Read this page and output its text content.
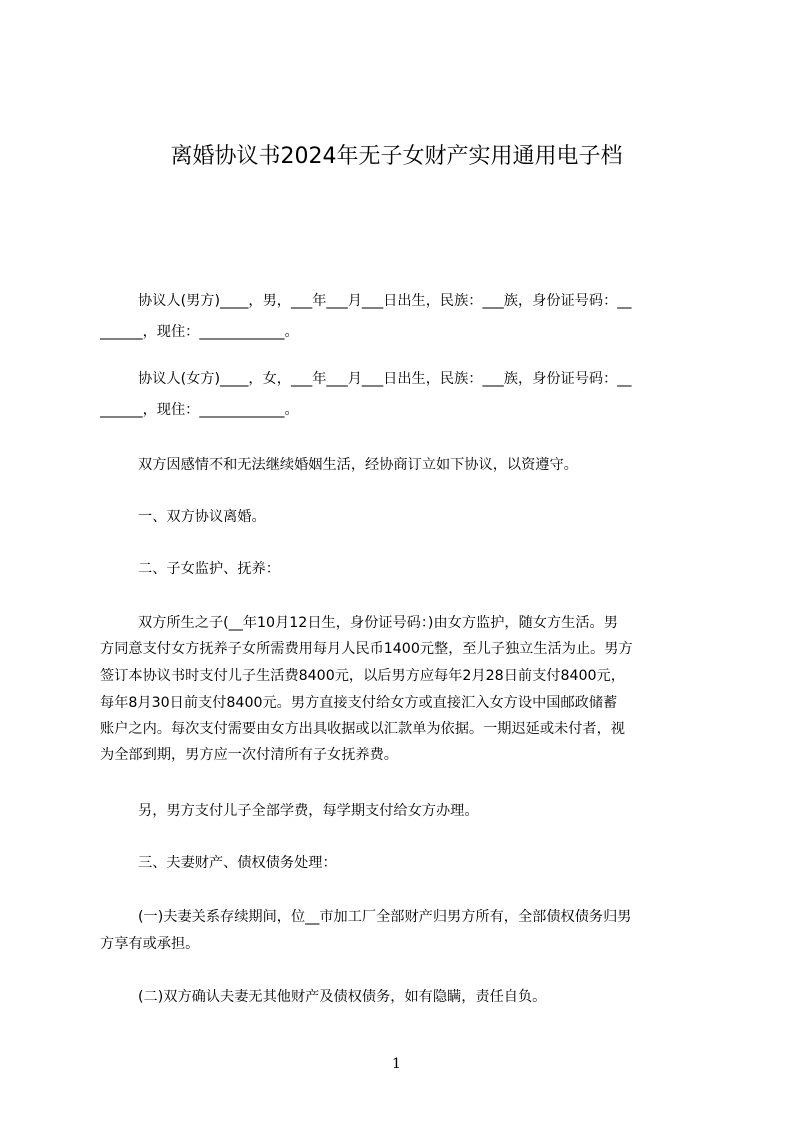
离婚协议书2024年无子女财产实用通用电子档
协议人(男方)____，男，___年___月___日出生，民族：___族，身份证号码：__
______，现住：____________。
协议人(女方)____，女，___年___月___日出生，民族：___族，身份证号码：__
______，现住：____________。
双方因感情不和无法继续婚姻生活，经协商订立如下协议，以资遵守。
一、双方协议离婚。
二、子女监护、抚养：
双方所生之子(__年10月12日生，身份证号码：)由女方监护，随女方生活。男
方同意支付女方抚养子女所需费用每月人民币1400元整，至儿子独立生活为止。男方
签订本协议书时支付儿子生活费8400元，以后男方应每年2月28日前支付8400元，
每年8月30日前支付8400元。男方直接支付给女方或直接汇入女方设中国邮政储蓄
账户之内。每次支付需要由女方出具收据或以汇款单为依据。一期迟延或未付者，视
为全部到期，男方应一次付清所有子女抚养费。
另，男方支付儿子全部学费，每学期支付给女方办理。
三、夫妻财产、债权债务处理：
(一)夫妻关系存续期间，位__市加工厂全部财产归男方所有，全部债权债务归男
方享有或承担。
(二)双方确认夫妻无其他财产及债权债务，如有隐瞒，责任自负。
1
